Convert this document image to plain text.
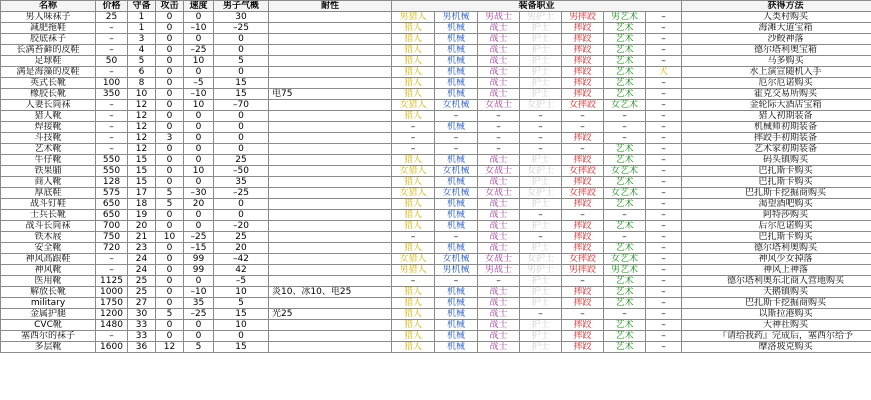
名称	价格	守备	攻击	速度	男子气概	耐性	装备职业							获得方法
男人味袜子	25	1	0	0	30		男猎人	男机械	男战士	男护士	男摔跤	男艺术	–	人类村购买
减肥拖鞋	–	1	0	–10	–25		猎人	机械	战士	护士	摔跤	艺术	–	海滩大道宝箱
胶底袜子	–	3	0	0	0		猎人	机械	战士	护士	摔跤	艺术	–	沙鲛神落
长满苔藓的皮鞋	–	4	0	–25	0		猎人	机械	战士	护士	摔跤	艺术	–	德尔塔利奥宝箱
足球鞋	50	5	0	10	5		猎人	机械	战士	护士	摔跤	艺术	–	马多购买
满是海藻的皮鞋	–	6	0	0	0		猎人	机械	战士	护士	摔跤	艺术	犬	水上演宣随机入手
英式长靴	100	8	0	–5	15		猎人	机械	战士	护士	摔跤	艺术	–	厄尔厄诺购买
橡胶长靴	350	10	0	–10	15	电75	猎人	机械	战士	护士	摔跤	艺术	–	霍克交易所购买
人妻长筒袜	–	12	0	10	–70		女猎人	女机械	女战士	女护士	女摔跤	女艺术	–	金轮际大酒店宝箱
猎人靴	–	12	0	0	0		猎人	–	–	–	–	–	–	猎人初期装备
焊接靴	–	12	0	0	0		–	机械	–	–	–	–	–	机械师初期装备
斗技靴	–	12	3	0	0		–	–	–	–	摔跤	–	–	摔跤手初期装备
艺术靴	–	12	0	0	0		–	–	–	–	–	艺术	–	艺术家初期装备
牛仔靴	550	15	0	0	25		猎人	机械	战士	护士	摔跤	艺术	–	码头镇购买
铁果脯	550	15	0	10	–50		女猎人	女机械	女战士	女护士	女摔跤	女艺术	–	巴扎斯卡购买
商人靴	128	15	0	0	35		猎人	机械	战士	护士	摔跤	艺术	–	巴扎斯卡购买
厚底鞋	575	17	5	–30	–25		女猎人	女机械	女战士	女护士	女摔跤	女艺术	–	巴扎斯卡挖掘商购买
战斗钉鞋	650	18	5	20	0		猎人	机械	战士	护士	摔跤	艺术	–	渴望酒吧购买
士兵长靴	650	19	0	0	0		猎人	机械	战士	–	–	–	–	阿特莎购买
战斗长筒袜	700	20	0	0	–20		猎人	机械	战士	护士	摔跤	艺术	–	后尔厄诺购买
铁木屐	750	21	10	–25	25		–	–	战士	–	摔跤	–	–	巴扎斯卡购买
安全靴	720	23	0	–15	20		猎人	机械	战士	护士	摔跤	艺术	–	德尔塔利奥购买
神风高跟鞋	–	24	0	99	–42		女猎人	女机械	女战士	女护士	女摔跤	女艺术	–	神风少女掉落
神风靴	–	24	0	99	42		男猎人	男机械	男战士	男护士	男摔跤	男艺术	–	神风上神落
医用靴	1125	25	0	0	–5		–	–	–	护士	–	艺术	–	德尔塔利奥东北商人营地购买
解放长靴	1000	25	0	–10	10	炎10、冰10、电25	猎人	机械	战士	护士	摔跤	艺术	–	天鹅镇购买
military	1750	27	0	35	5		猎人	机械	战士	护士	摔跤	艺术	–	巴扎斯卡挖掘商购买
金属护腿	1200	30	5	–25	15	光25	猎人	机械	战士	–	–	–	–	以斯拉港购买
CVC靴	1480	33	0	0	10		猎人	机械	战士	护士	摔跤	艺术	–	大神社购买
塞西尔的袜子	–	33	0	0	0		猎人	机械	战士	护士	摔跤	艺术	–	『请给我药』完成后，塞西尔给予
多层靴	1600	36	12	5	15		猎人	机械	战士	护士	摔跤	艺术	–	摩洛坡克购买
